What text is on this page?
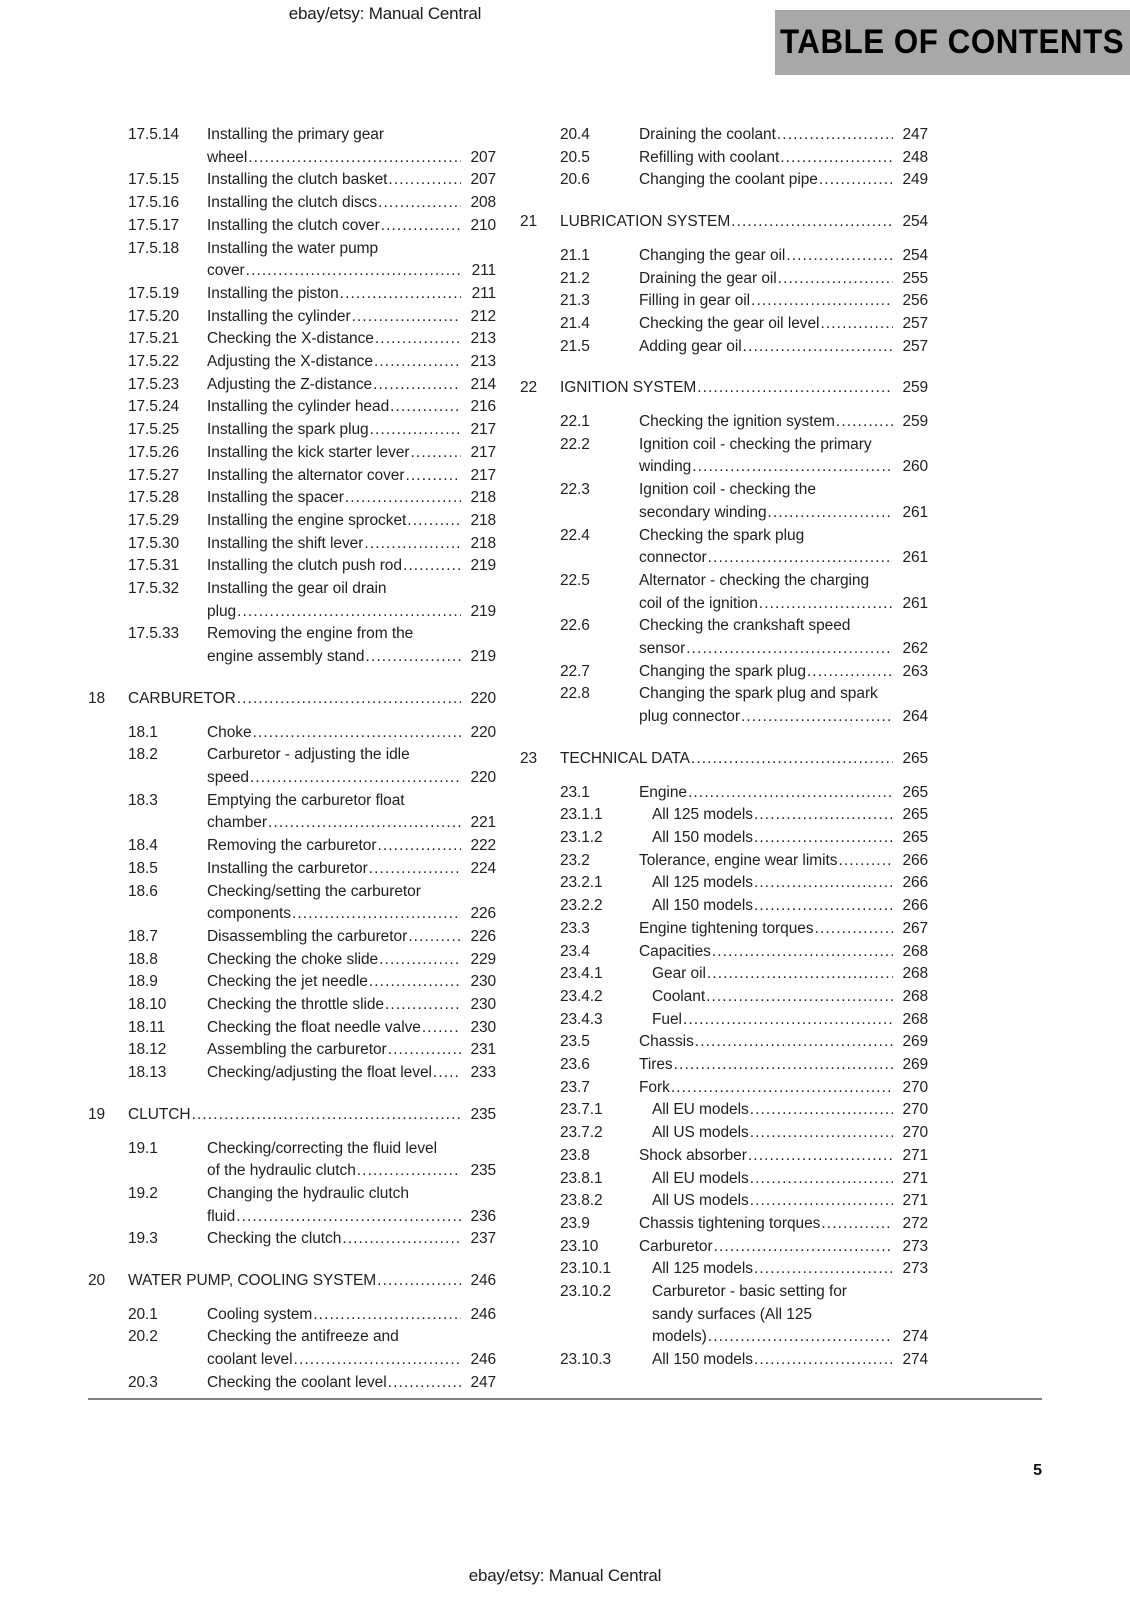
ebay/etsy: Manual Central
TABLE OF CONTENTS
17.5.14	Installing the primary gear
wheel .....	207
17.5.15	Installing the clutch basket .....	207
17.5.16	Installing the clutch discs .....	208
17.5.17	Installing the clutch cover .....	210
17.5.18	Installing the water pump
cover .....	211
17.5.19	Installing the piston .....	211
17.5.20	Installing the cylinder .....	212
17.5.21	Checking the X-distance .....	213
17.5.22	Adjusting the X-distance .....	213
17.5.23	Adjusting the Z-distance .....	214
17.5.24	Installing the cylinder head .....	216
17.5.25	Installing the spark plug .....	217
17.5.26	Installing the kick starter lever .....	217
17.5.27	Installing the alternator cover .....	217
17.5.28	Installing the spacer .....	218
17.5.29	Installing the engine sprocket .....	218
17.5.30	Installing the shift lever .....	218
17.5.31	Installing the clutch push rod .....	219
17.5.32	Installing the gear oil drain
plug .....	219
17.5.33	Removing the engine from the
engine assembly stand .....	219
18	CARBURETOR .....	220
18.1	Choke .....	220
18.2	Carburetor - adjusting the idle
speed .....	220
18.3	Emptying the carburetor float
chamber .....	221
18.4	Removing the carburetor .....	222
18.5	Installing the carburetor .....	224
18.6	Checking/setting the carburetor
components .....	226
18.7	Disassembling the carburetor .....	226
18.8	Checking the choke slide .....	229
18.9	Checking the jet needle .....	230
18.10	Checking the throttle slide .....	230
18.11	Checking the float needle valve .....	230
18.12	Assembling the carburetor .....	231
18.13	Checking/adjusting the float level .....	233
19	CLUTCH .....	235
19.1	Checking/correcting the fluid level
of the hydraulic clutch .....	235
19.2	Changing the hydraulic clutch
fluid .....	236
19.3	Checking the clutch .....	237
20	WATER PUMP, COOLING SYSTEM .....	246
20.1	Cooling system .....	246
20.2	Checking the antifreeze and
coolant level .....	246
20.3	Checking the coolant level .....	247
20.4	Draining the coolant .....	247
20.5	Refilling with coolant .....	248
20.6	Changing the coolant pipe .....	249
21	LUBRICATION SYSTEM .....	254
21.1	Changing the gear oil .....	254
21.2	Draining the gear oil .....	255
21.3	Filling in gear oil .....	256
21.4	Checking the gear oil level .....	257
21.5	Adding gear oil .....	257
22	IGNITION SYSTEM .....	259
22.1	Checking the ignition system .....	259
22.2	Ignition coil - checking the primary
winding .....	260
22.3	Ignition coil - checking the
secondary winding .....	261
22.4	Checking the spark plug
connector .....	261
22.5	Alternator - checking the charging
coil of the ignition .....	261
22.6	Checking the crankshaft speed
sensor .....	262
22.7	Changing the spark plug .....	263
22.8	Changing the spark plug and spark
plug connector .....	264
23	TECHNICAL DATA .....	265
23.1	Engine .....	265
23.1.1	All 125 models .....	265
23.1.2	All 150 models .....	265
23.2	Tolerance, engine wear limits .....	266
23.2.1	All 125 models .....	266
23.2.2	All 150 models .....	266
23.3	Engine tightening torques .....	267
23.4	Capacities .....	268
23.4.1	Gear oil .....	268
23.4.2	Coolant .....	268
23.4.3	Fuel .....	268
23.5	Chassis .....	269
23.6	Tires .....	269
23.7	Fork .....	270
23.7.1	All EU models .....	270
23.7.2	All US models .....	270
23.8	Shock absorber .....	271
23.8.1	All EU models .....	271
23.8.2	All US models .....	271
23.9	Chassis tightening torques .....	272
23.10	Carburetor .....	273
23.10.1	All 125 models .....	273
23.10.2	Carburetor - basic setting for
sandy surfaces (All 125
models) .....	274
23.10.3	All 150 models .....	274
5
ebay/etsy: Manual Central
